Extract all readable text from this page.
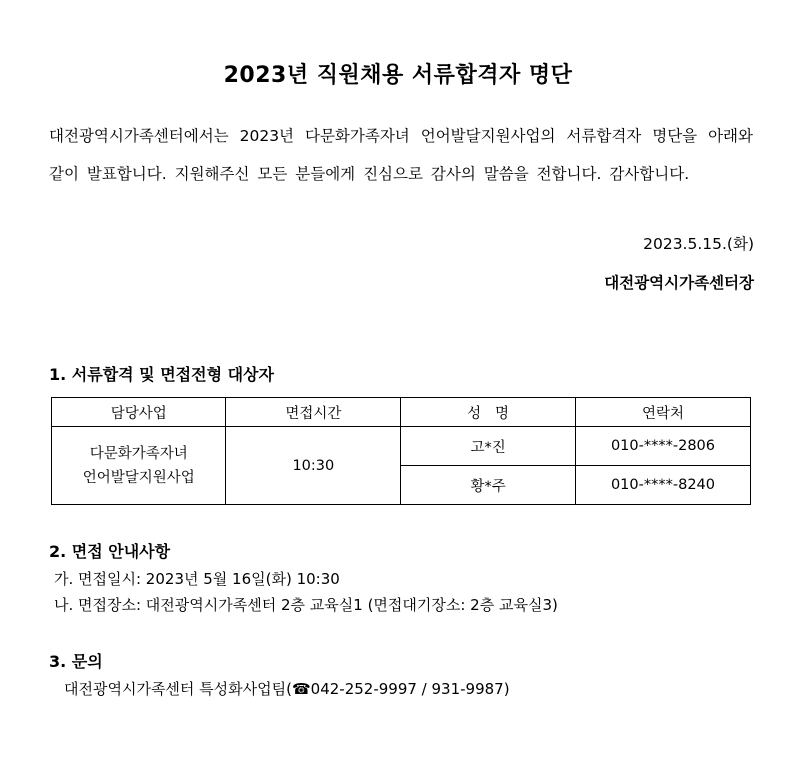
2023년 직원채용 서류합격자 명단
대전광역시가족센터에서는 2023년 다문화가족자녀 언어발달지원사업의 서류합격자 명단을 아래와 같이 발표합니다. 지원해주신 모든 분들에게 진심으로 감사의 말씀을 전합니다. 감사합니다.
2023.5.15.(화)
대전광역시가족센터장
1. 서류합격 및 면접전형 대상자
담당사업	면접시간	성   명	연락처

다문화가족자녀
언어발달지원사업	10:30	고*진	010-****-2806
		황*주	010-****-8240
2. 면접 안내사항
가. 면접일시: 2023년 5월 16일(화) 10:30
나. 면접장소: 대전광역시가족센터 2층 교육실1 (면접대기장소: 2층 교육실3)
3. 문의
대전광역시가족센터 특성화사업팀(☎042-252-9997 / 931-9987)
